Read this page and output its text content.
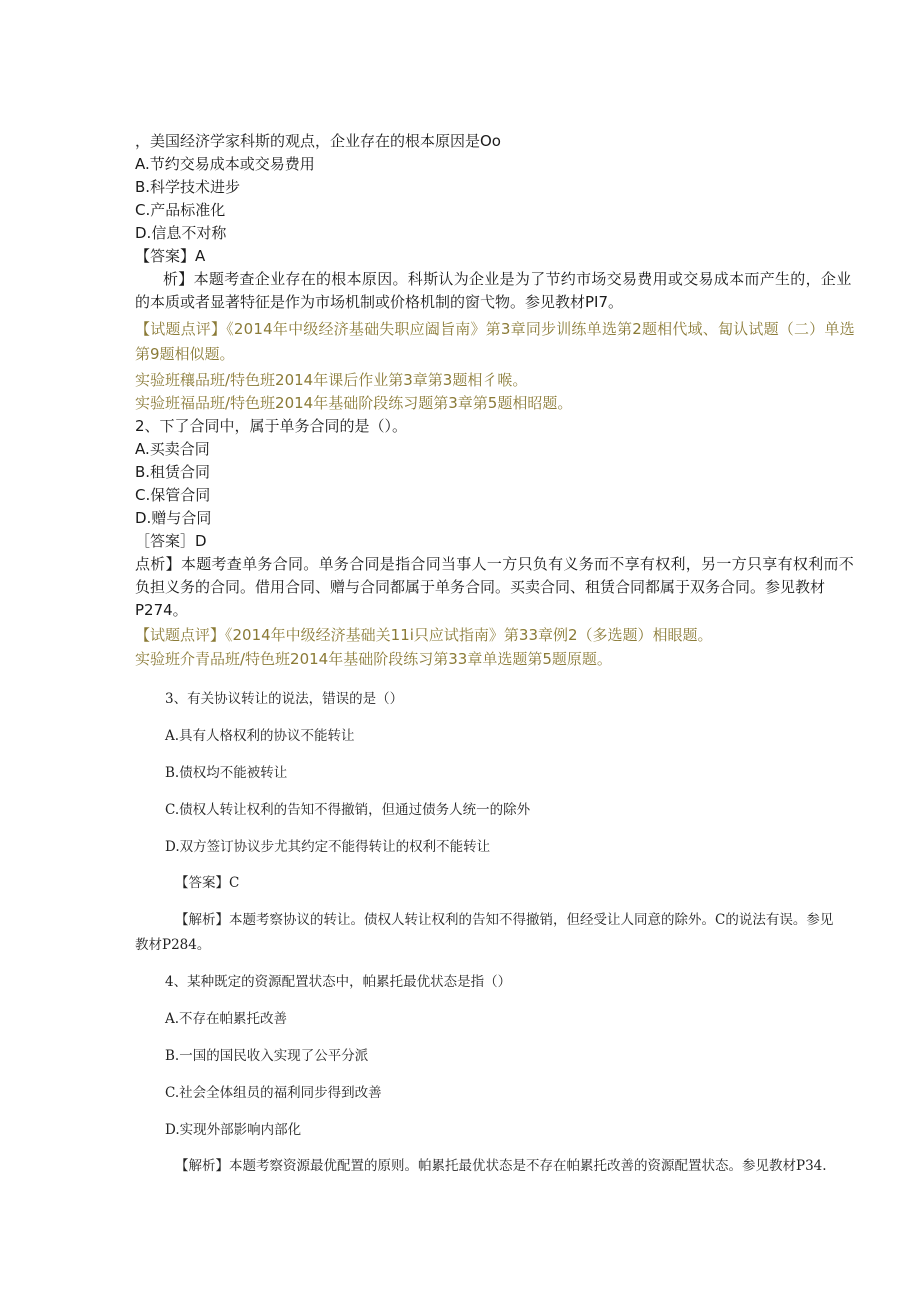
，美国经济学家科斯的观点，企业存在的根本原因是Oo
A.节约交易成本或交易费用
B.科学技术进步
C.产品标准化
D.信息不对称
【答案】A
析】本题考查企业存在的根本原因。科斯认为企业是为了节约市场交易费用或交易成本而产生的，企业
的本质或者显著特征是作为市场机制或价格机制的窗弋物。参见教材PI7。
【试题点评】《2014年中级经济基础失职应阖旨南》第3章同步训练单选第2题相代域、匐认试题（二）单选
第9题相似题。
实验班穰品班/特色班2014年课后作业第3章第3题相彳喉。
实验班福品班/特色班2014年基础阶段练习题第3章第5题相昭题。
2、下了合同中，属于单务合同的是（）。
A.买卖合同
B.租赁合同
C.保管合同
D.赠与合同
［答案］D
点析】本题考查单务合同。单务合同是指合同当事人一方只负有义务而不享有权利，另一方只享有权利而不
负担义务的合同。借用合同、赠与合同都属于单务合同。买卖合同、租赁合同都属于双务合同。参见教材
P274。
【试题点评】《2014年中级经济基础关11i只应试指南》第33章例2（多选题）相眼题。
实验班介青品班/特色班2014年基础阶段练习第33章单选题第5题原题。
3、有关协议转让的说法，错误的是（）
A.具有人格权利的协议不能转让
B.债权均不能被转让
C.债权人转让权利的告知不得撤销，但通过债务人统一的除外
D.双方签订协议步尤其约定不能得转让的权利不能转让
【答案】C
【解析】本题考察协议的转让。债权人转让权利的告知不得撤销，但经受让人同意的除外。C的说法有误。参见
教材P284。
4、某种既定的资源配置状态中，帕累托最优状态是指（）
A.不存在帕累托改善
B.一国的国民收入实现了公平分派
C.社会全体组员的福利同步得到改善
D.实现外部影响内部化
【解析】本题考察资源最优配置的原则。帕累托最优状态是不存在帕累托改善的资源配置状态。参见教材P34.
